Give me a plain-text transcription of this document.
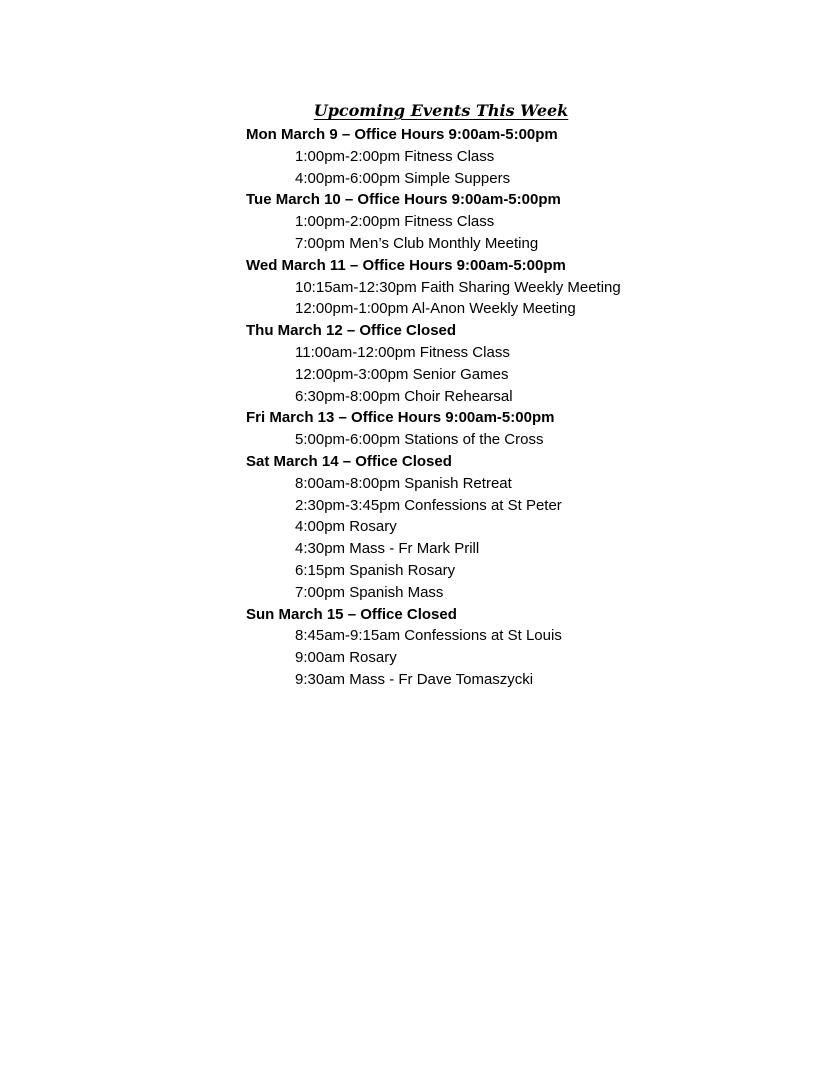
Upcoming Events This Week
Mon March 9 – Office Hours 9:00am-5:00pm
1:00pm-2:00pm Fitness Class
4:00pm-6:00pm Simple Suppers
Tue March 10 – Office Hours 9:00am-5:00pm
1:00pm-2:00pm Fitness Class
7:00pm Men’s Club Monthly Meeting
Wed March 11 – Office Hours 9:00am-5:00pm
10:15am-12:30pm Faith Sharing Weekly Meeting
12:00pm-1:00pm Al-Anon Weekly Meeting
Thu March 12 – Office Closed
11:00am-12:00pm Fitness Class
12:00pm-3:00pm Senior Games
6:30pm-8:00pm Choir Rehearsal
Fri March 13 – Office Hours 9:00am-5:00pm
5:00pm-6:00pm Stations of the Cross
Sat March 14 – Office Closed
8:00am-8:00pm Spanish Retreat
2:30pm-3:45pm Confessions at St Peter
4:00pm Rosary
4:30pm Mass - Fr Mark Prill
6:15pm Spanish Rosary
7:00pm Spanish Mass
Sun March 15 – Office Closed
8:45am-9:15am Confessions at St Louis
9:00am Rosary
9:30am Mass - Fr Dave Tomaszycki
